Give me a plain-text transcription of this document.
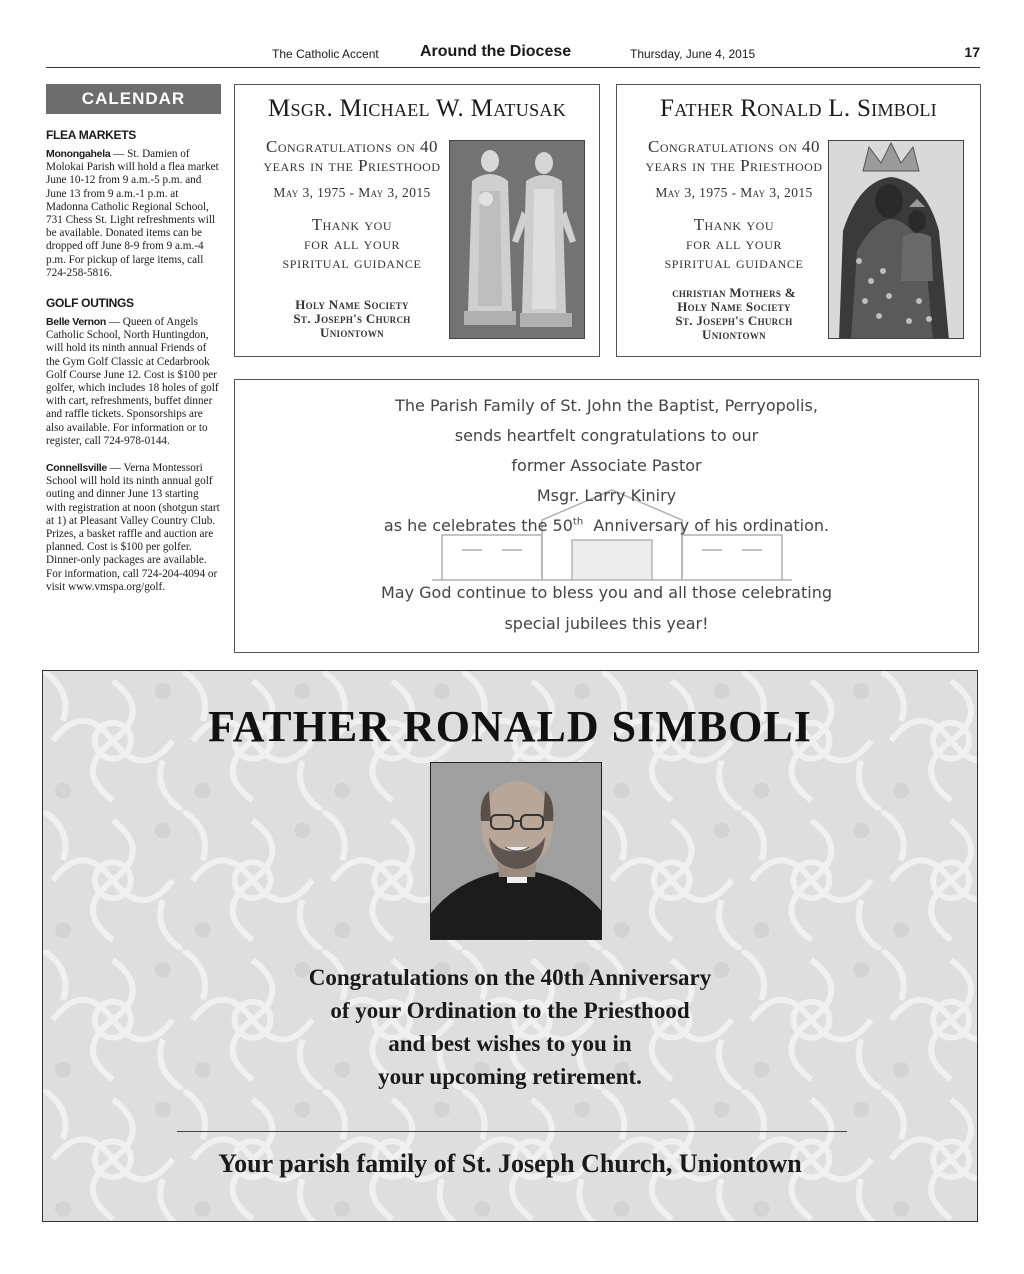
The Catholic Accent	Around the Diocese	Thursday, June 4, 2015	17
CALENDAR
FLEA MARKETS

Monongahela — St. Damien of Molokai Parish will hold a flea market June 10-12 from 9 a.m.-5 p.m. and June 13 from 9 a.m.-1 p.m. at Madonna Catholic Regional School, 731 Chess St. Light refreshments will be available. Donated items can be dropped off June 8-9 from 9 a.m.-4 p.m. For pickup of large items, call 724-258-5816.

GOLF OUTINGS

Belle Vernon — Queen of Angels Catholic School, North Huntingdon, will hold its ninth annual Friends of the Gym Golf Classic at Cedarbrook Golf Course June 12. Cost is $100 per golfer, which includes 18 holes of golf with cart, refreshments, buffet dinner and raffle tickets. Sponsorships are also available. For information or to register, call 724-978-0144.

Connellsville — Verna Montessori School will hold its ninth annual golf outing and dinner June 13 starting with registration at noon (shotgun start at 1) at Pleasant Valley Country Club. Prizes, a basket raffle and auction are planned. Cost is $100 per golfer. Dinner-only packages are available. For information, call 724-204-4094 or visit www.vmspa.org/golf.

Msgr. Michael W. Matusak
Congratulations on 40
years in the Priesthood
May 3, 1975 - May 3, 2015
Thank you
for all your
spiritual guidance
Holy Name Society
St. Joseph's Church
Uniontown
Father Ronald L. Simboli
Congratulations on 40
years in the Priesthood
May 3, 1975 - May 3, 2015
Thank you
for all your
spiritual guidance
christian Mothers &
Holy Name Society
St. Joseph's Church
Uniontown
The Parish Family of St. John the Baptist, Perryopolis,
sends heartfelt congratulations to our
former Associate Pastor
Msgr. Larry Kiniry
as he celebrates the 50th  Anniversary of his ordination.
May God continue to bless you and all those celebrating
special jubilees this year!
FATHER RONALD SIMBOLI
Congratulations on the 40th Anniversary
of your Ordination to the Priesthood
and best wishes to you in
your upcoming retirement.
Your parish family of St. Joseph Church, Uniontown
